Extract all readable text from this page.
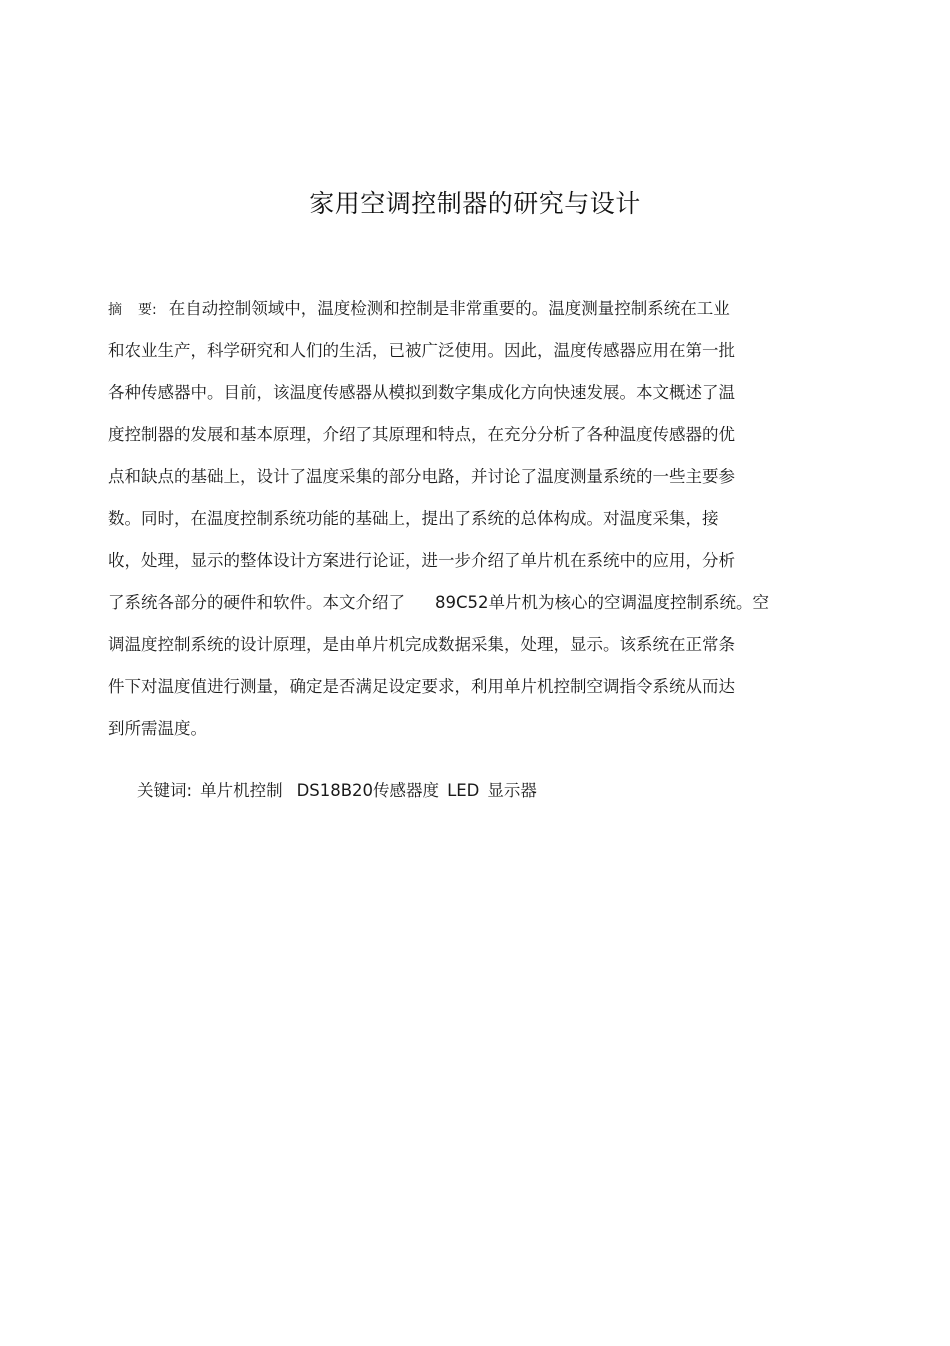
家用空调控制器的研究与设计
摘 要: 在自动控制领域中，温度检测和控制是非常重要的。温度测量控制系统在工业
和农业生产，科学研究和人们的生活，已被广泛使用。因此，温度传感器应用在第一批
各种传感器中。目前，该温度传感器从模拟到数字集成化方向快速发展。本文概述了温
度控制器的发展和基本原理，介绍了其原理和特点，在充分分析了各种温度传感器的优
点和缺点的基础上，设计了温度采集的部分电路，并讨论了温度测量系统的一些主要参
数。同时，在温度控制系统功能的基础上，提出了系统的总体构成。对温度采集，接
收，处理，显示的整体设计方案进行论证，进一步介绍了单片机在系统中的应用，分析
了系统各部分的硬件和软件。本文介绍了 89C52单片机为核心的空调温度控制系统。空
调温度控制系统的设计原理，是由单片机完成数据采集，处理，显示。该系统在正常条
件下对温度值进行测量，确定是否满足设定要求，利用单片机控制空调指令系统从而达
到所需温度。
关键词: 单片机控制 DS18B20传感器度 LED 显示器
